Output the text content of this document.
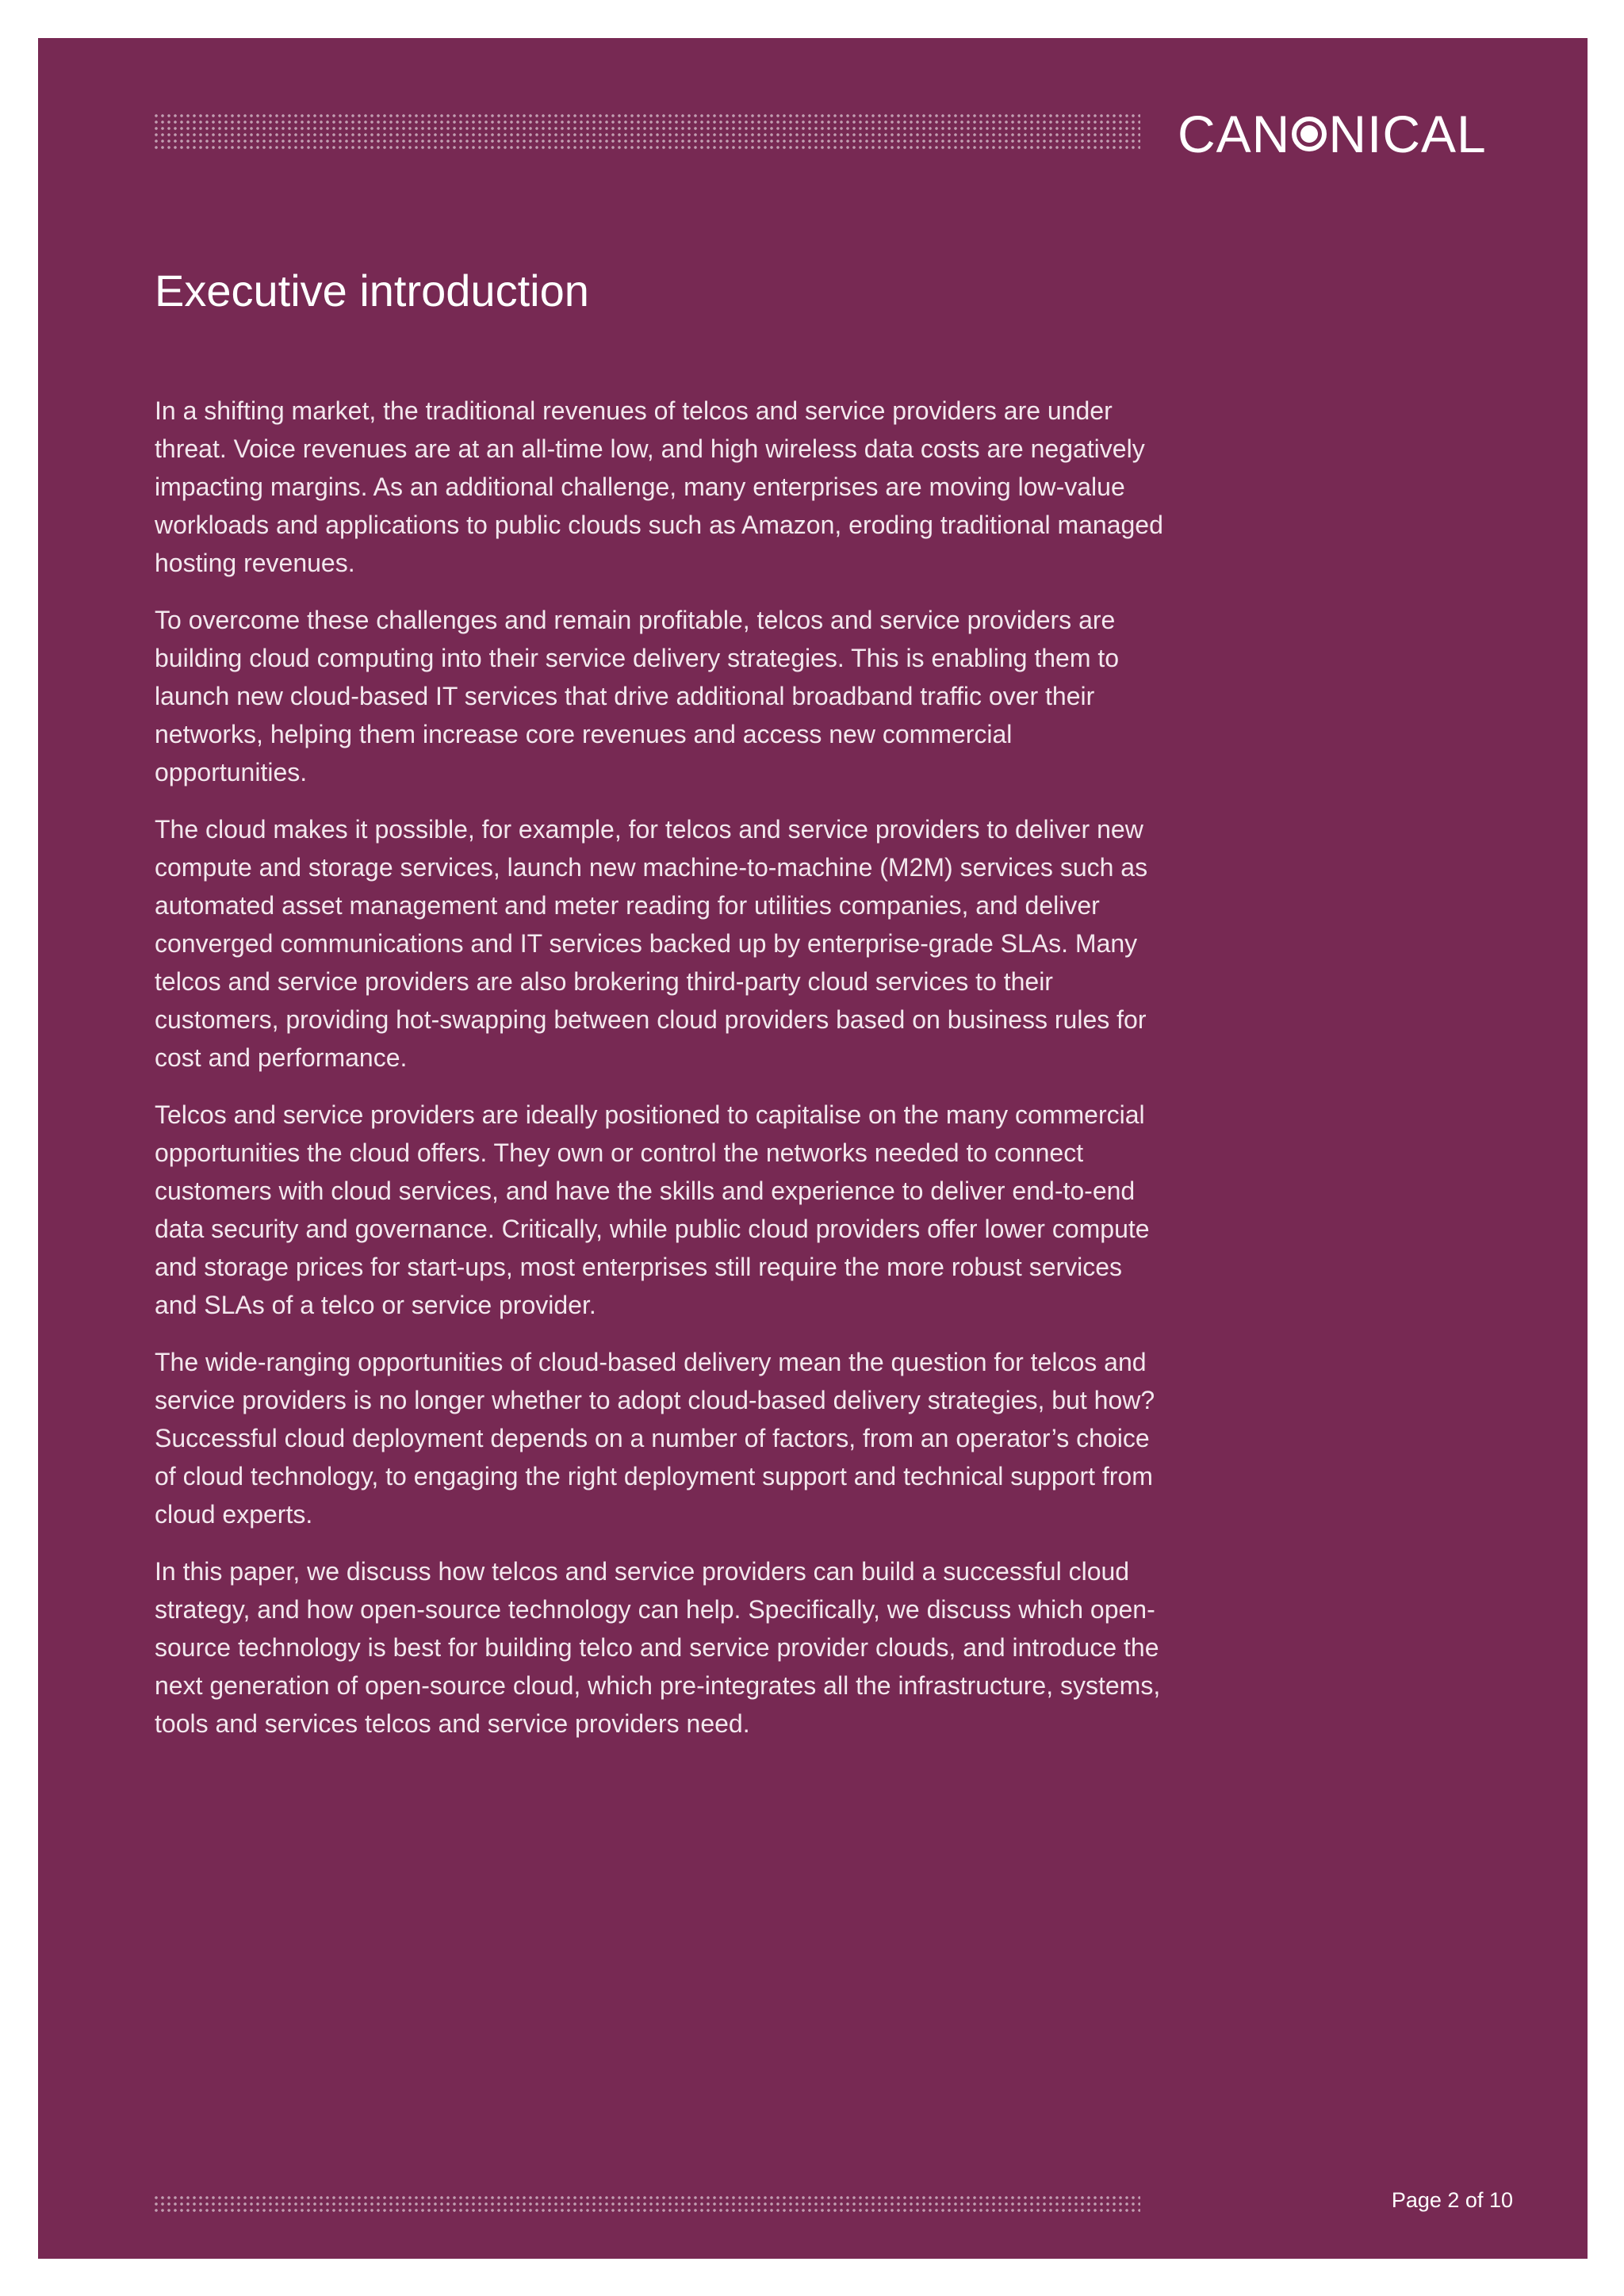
CAN NICAL
Executive introduction

In a shifting market, the traditional revenues of telcos and service providers are under threat. Voice revenues are at an all-time low, and high wireless data costs are negatively impacting margins. As an additional challenge, many enterprises are moving low-value workloads and applications to public clouds such as Amazon, eroding traditional managed hosting revenues.

To overcome these challenges and remain profitable, telcos and service providers are building cloud computing into their service delivery strategies. This is enabling them to launch new cloud-based IT services that drive additional broadband traffic over their networks, helping them increase core revenues and access new commercial opportunities.

The cloud makes it possible, for example, for telcos and service providers to deliver new compute and storage services, launch new machine-to-machine (M2M) services such as automated asset management and meter reading for utilities companies, and deliver converged communications and IT services backed up by enterprise-grade SLAs. Many telcos and service providers are also brokering third-party cloud services to their customers, providing hot-swapping between cloud providers based on business rules for cost and performance.

Telcos and service providers are ideally positioned to capitalise on the many commercial opportunities the cloud offers. They own or control the networks needed to connect customers with cloud services, and have the skills and experience to deliver end-to-end data security and governance. Critically, while public cloud providers offer lower compute and storage prices for start-ups, most enterprises still require the more robust services and SLAs of a telco or service provider.

The wide-ranging opportunities of cloud-based delivery mean the question for telcos and service providers is no longer whether to adopt cloud-based delivery strategies, but how? Successful cloud deployment depends on a number of factors, from an operator’s choice of cloud technology, to engaging the right deployment support and technical support from cloud experts.

In this paper, we discuss how telcos and service providers can build a successful cloud strategy, and how open-source technology can help. Specifically, we discuss which open-source technology is best for building telco and service provider clouds, and introduce the next generation of open-source cloud, which pre-integrates all the infrastructure, systems, tools and services telcos and service providers need.

Page 2 of 10
